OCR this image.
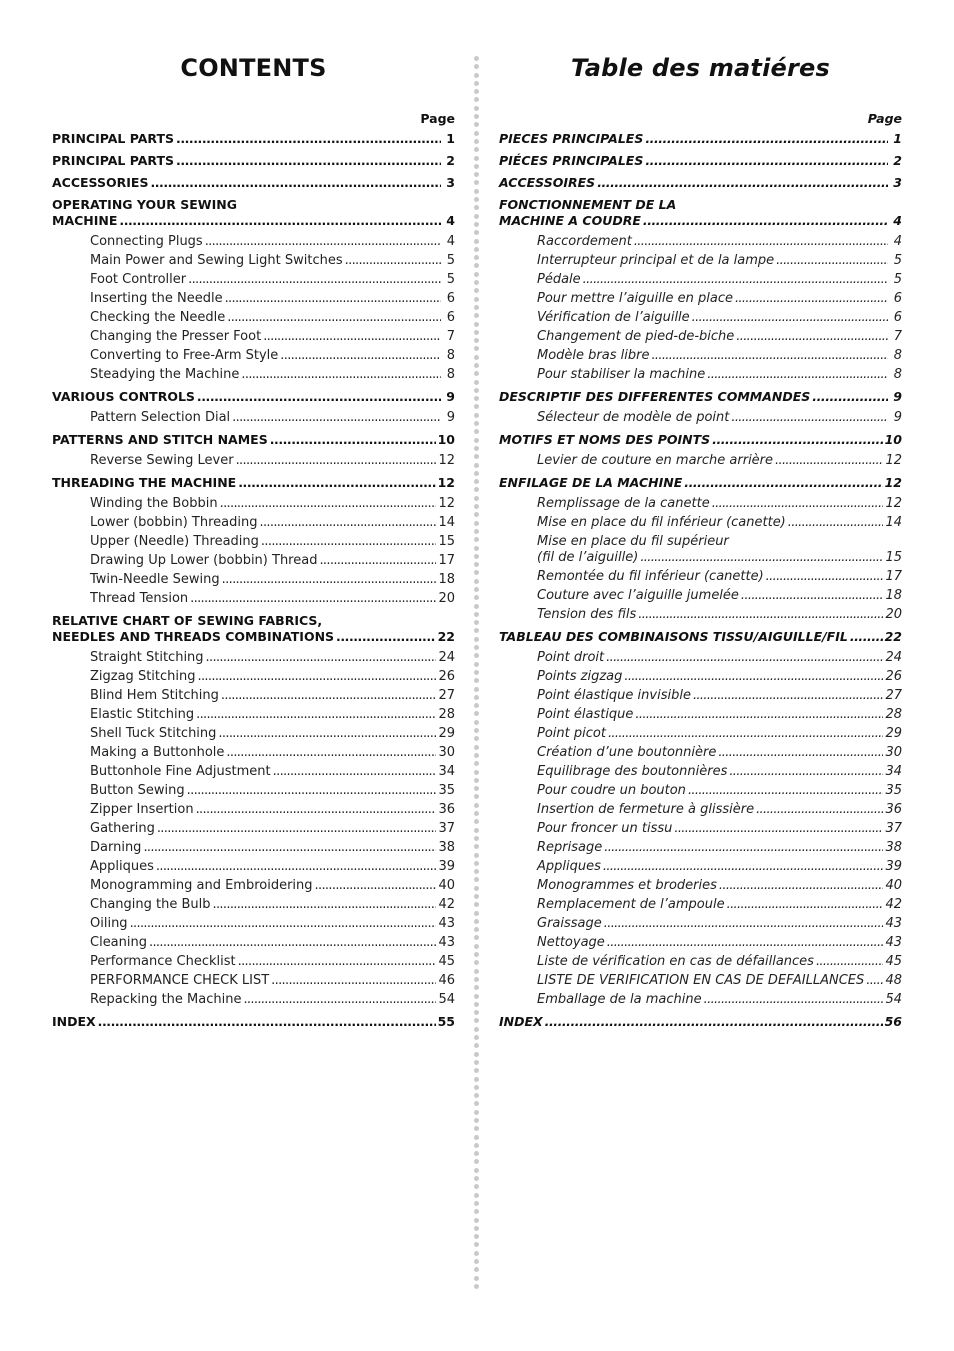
CONTENTS
Page
PRINCIPAL PARTS . . .	1
PRINCIPAL PARTS . . .	2
ACCESSORIES . . .	3
OPERATING YOUR SEWING
MACHINE . . .	4
Connecting Plugs . . .	4
Main Power and Sewing Light Switches . . .	5
Foot Controller . . .	5
Inserting the Needle . . .	6
Checking the Needle . . .	6
Changing the Presser Foot . . .	7
Converting to Free-Arm Style . . .	8
Steadying the Machine . . .	8
VARIOUS CONTROLS . . .	9
Pattern Selection Dial . . .	9
PATTERNS AND STITCH NAMES . . .	10
Reverse Sewing Lever . . .	12
THREADING THE MACHINE . . .	12
Winding the Bobbin . . .	12
Lower (bobbin) Threading . . .	14
Upper (Needle) Threading . . .	15
Drawing Up Lower (bobbin) Thread . . .	17
Twin-Needle Sewing . . .	18
Thread Tension . . .	20
RELATIVE CHART OF SEWING FABRICS,
NEEDLES AND THREADS COMBINATIONS . . .	22
Straight Stitching . . .	24
Zigzag Stitching . . .	26
Blind Hem Stitching . . .	27
Elastic Stitching . . .	28
Shell Tuck Stitching . . .	29
Making a Buttonhole . . .	30
Buttonhole Fine Adjustment . . .	34
Button Sewing . . .	35
Zipper Insertion . . .	36
Gathering . . .	37
Darning . . .	38
Appliques . . .	39
Monogramming and Embroidering . . .	40
Changing the Bulb . . .	42
Oiling . . .	43
Cleaning . . .	43
Performance Checklist . . .	45
PERFORMANCE CHECK LIST . . .	46
Repacking the Machine . . .	54
INDEX . . .	55
Table des matiéres
Page
PIECES PRINCIPALES . . .	1
PIÉCES PRINCIPALES . . .	2
ACCESSOIRES . . .	3
FONCTIONNEMENT DE LA
MACHINE A COUDRE . . .	4
Raccordement . . .	4
Interrupteur principal et de la lampe . . .	5
Pédale . . .	5
Pour mettre l’aiguille en place . . .	6
Vérification de l’aiguille . . .	6
Changement de pied-de-biche . . .	7
Modèle bras libre . . .	8
Pour stabiliser la machine . . .	8
DESCRIPTIF DES DIFFERENTES COMMANDES . . .	9
Sélecteur de modèle de point . . .	9
MOTIFS ET NOMS DES POINTS . . .	10
Levier de couture en marche arrière . . .	12
ENFILAGE DE LA MACHINE . . .	12
Remplissage de la canette . . .	12
Mise en place du fil inférieur (canette) . . .	14
Mise en place du fil supérieur
(fil de l’aiguille) . . .	15
Remontée du fil inférieur (canette) . . .	17
Couture avec l’aiguille jumelée . . .	18
Tension des fils . . .	20
TABLEAU DES COMBINAISONS TISSU/AIGUILLE/FIL . . .	22
Point droit . . .	24
Points zigzag . . .	26
Point élastique invisible . . .	27
Point élastique . . .	28
Point picot . . .	29
Création d’une boutonnière . . .	30
Equilibrage des boutonnières . . .	34
Pour coudre un bouton . . .	35
Insertion de fermeture à glissière . . .	36
Pour froncer un tissu . . .	37
Reprisage . . .	38
Appliques . . .	39
Monogrammes et broderies . . .	40
Remplacement de l’ampoule . . .	42
Graissage . . .	43
Nettoyage . . .	43
Liste de vérification en cas de défaillances . . .	45
LISTE DE VERIFICATION EN CAS DE DEFAILLANCES . . . 48
Emballage de la machine . . .	54
INDEX . . .	56
